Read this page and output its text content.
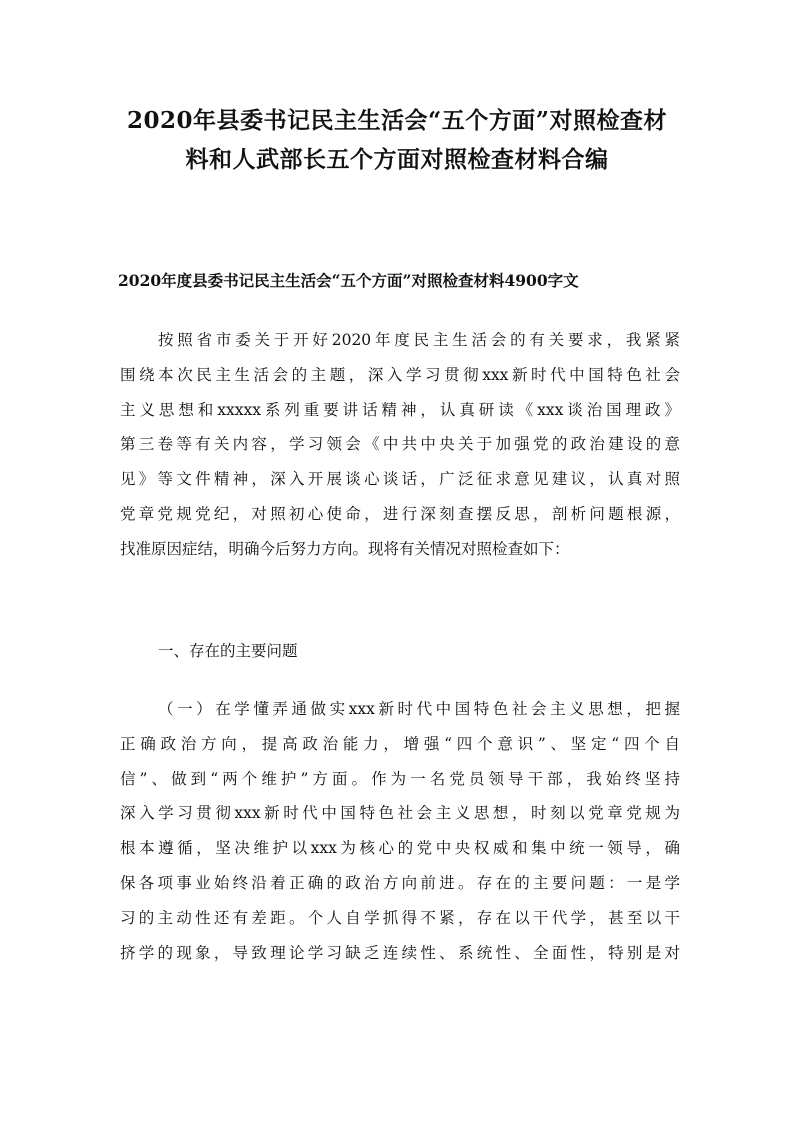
2020年县委书记民主生活会“五个方面”对照检查材
料和人武部长五个方面对照检查材料合编
2020年度县委书记民主生活会“五个方面”对照检查材料4900字文
按照省市委关于开好2020年度民主生活会的有关要求，我紧紧
围绕本次民主生活会的主题，深入学习贯彻xxx新时代中国特色社会
主义思想和xxxxx系列重要讲话精神，认真研读《xxx谈治国理政》
第三卷等有关内容，学习领会《中共中央关于加强党的政治建设的意
见》等文件精神，深入开展谈心谈话，广泛征求意见建议，认真对照
党章党规党纪，对照初心使命，进行深刻查摆反思，剖析问题根源，
找准原因症结，明确今后努力方向。现将有关情况对照检查如下：
一、存在的主要问题
（一）在学懂弄通做实xxx新时代中国特色社会主义思想，把握
正确政治方向，提高政治能力，增强“四个意识”、坚定“四个自
信”、做到“两个维护”方面。作为一名党员领导干部，我始终坚持
深入学习贯彻xxx新时代中国特色社会主义思想，时刻以党章党规为
根本遵循，坚决维护以xxx为核心的党中央权威和集中统一领导，确
保各项事业始终沿着正确的政治方向前进。存在的主要问题：一是学
习的主动性还有差距。个人自学抓得不紧，存在以干代学，甚至以干
挤学的现象，导致理论学习缺乏连续性、系统性、全面性，特别是对
